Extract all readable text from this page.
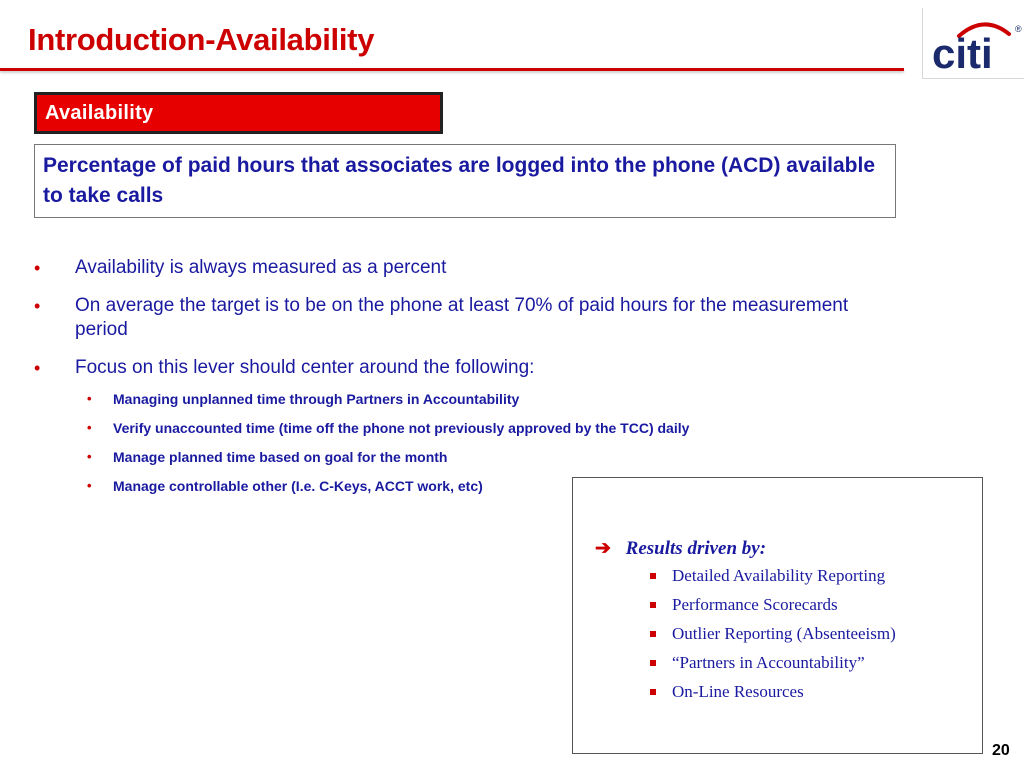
Introduction-Availability	citi
®
Availability
Percentage of paid hours that associates are logged into the phone (ACD) available to take calls
• Availability is always measured as a percent
• On average the target is to be on the phone at least 70% of paid hours for the measurement period
• Focus on this lever should center around the following:
• Managing unplanned time through Partners in Accountability
• Verify unaccounted time (time off the phone not previously approved by the TCC) daily
• Manage planned time based on goal for the month
• Manage controllable other (I.e. C-Keys, ACCT work, etc)
➔ Results driven by:
Detailed Availability Reporting
Performance Scorecards
Outlier Reporting (Absenteeism)
“Partners in Accountability”
On-Line Resources
20
